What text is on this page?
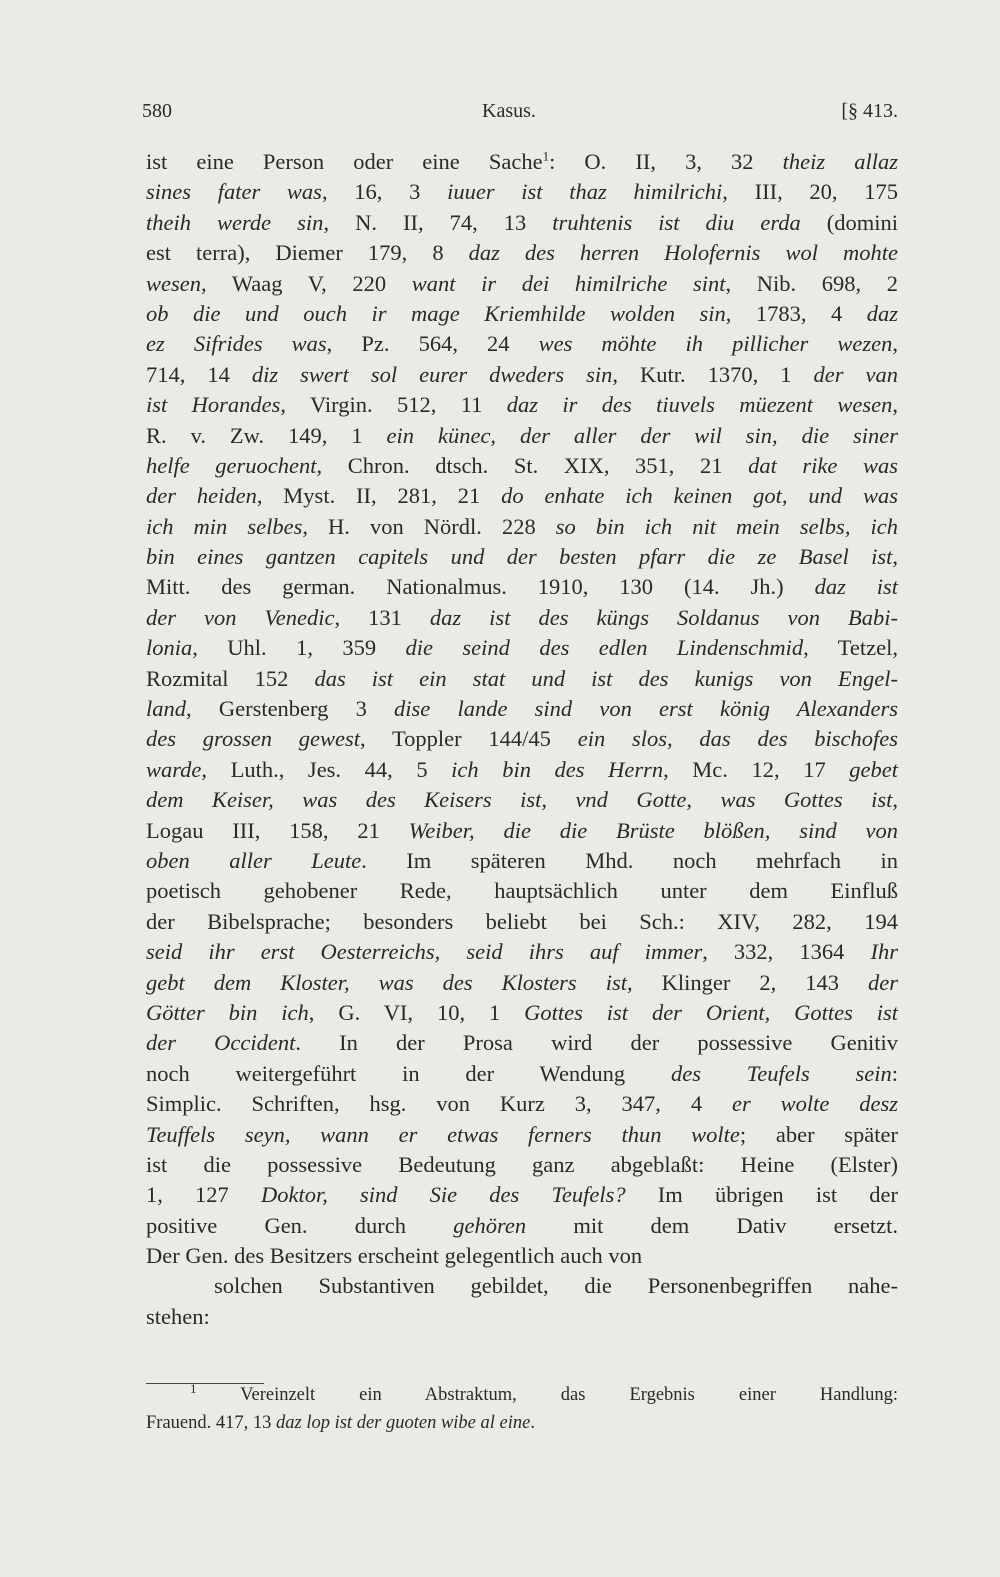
580	Kasus.	[§ 413.
ist eine Person oder eine Sache$^1$: O. II, 3, 32 theiz allaz
sines fater was, 16, 3 iuuer ist thaz himilrichi, III, 20, 175
theih werde sin, N. II, 74, 13 truhtenis ist diu erda (domini
est terra), Diemer 179, 8 daz des herren Holofernis wol mohte
wesen, Waag V, 220 want ir dei himilriche sint, Nib. 698, 2
ob die und ouch ir mage Kriemhilde wolden sin, 1783, 4 daz
ez Sifrides was, Pz. 564, 24 wes möhte ih pillicher wezen,
714, 14 diz swert sol eurer dweders sin, Kutr. 1370, 1 der van
ist Horandes, Virgin. 512, 11 daz ir des tiuvels müezent wesen,
R. v. Zw. 149, 1 ein künec, der aller der wil sin, die siner
helfe geruochent, Chron. dtsch. St. XIX, 351, 21 dat rike was
der heiden, Myst. II, 281, 21 do enhate ich keinen got, und was
ich min selbes, H. von Nördl. 228 so bin ich nit mein selbs, ich
bin eines gantzen capitels und der besten pfarr die ze Basel ist,
Mitt. des german. Nationalmus. 1910, 130 (14. Jh.) daz ist
der von Venedic, 131 daz ist des küngs Soldanus von Babi-
lonia, Uhl. 1, 359 die seind des edlen Lindenschmid, Tetzel,
Rozmital 152 das ist ein stat und ist des kunigs von Engel-
land, Gerstenberg 3 dise lande sind von erst könig Alexanders
des grossen gewest, Toppler 144/45 ein slos, das des bischofes
warde, Luth., Jes. 44, 5 ich bin des Herrn, Mc. 12, 17 gebet
dem Keiser, was des Keisers ist, vnd Gotte, was Gottes ist,
Logau III, 158, 21 Weiber, die die Brüste blößen, sind von
oben aller Leute. Im späteren Mhd. noch mehrfach in
poetisch gehobener Rede, hauptsächlich unter dem Einfluß
der Bibelsprache; besonders beliebt bei Sch.: XIV, 282, 194
seid ihr erst Oesterreichs, seid ihrs auf immer, 332, 1364 Ihr
gebt dem Kloster, was des Klosters ist, Klinger 2, 143 der
Götter bin ich, G. VI, 10, 1 Gottes ist der Orient, Gottes ist
der Occident. In der Prosa wird der possessive Genitiv
noch weitergeführt in der Wendung des Teufels sein:
Simplic. Schriften, hsg. von Kurz 3, 347, 4 er wolte desz
Teuffels seyn, wann er etwas ferners thun wolte; aber später
ist die possessive Bedeutung ganz abgeblaßt: Heine (Elster)
1, 127 Doktor, sind Sie des Teufels? Im übrigen ist der
positive Gen. durch gehören mit dem Dativ ersetzt.
Der Gen. des Besitzers erscheint gelegentlich auch von
solchen Substantiven gebildet, die Personenbegriffen nahe-
stehen:
$^1$ Vereinzelt ein Abstraktum, das Ergebnis einer Handlung:
Frauend. 417, 13 daz lop ist der guoten wibe al eine.
